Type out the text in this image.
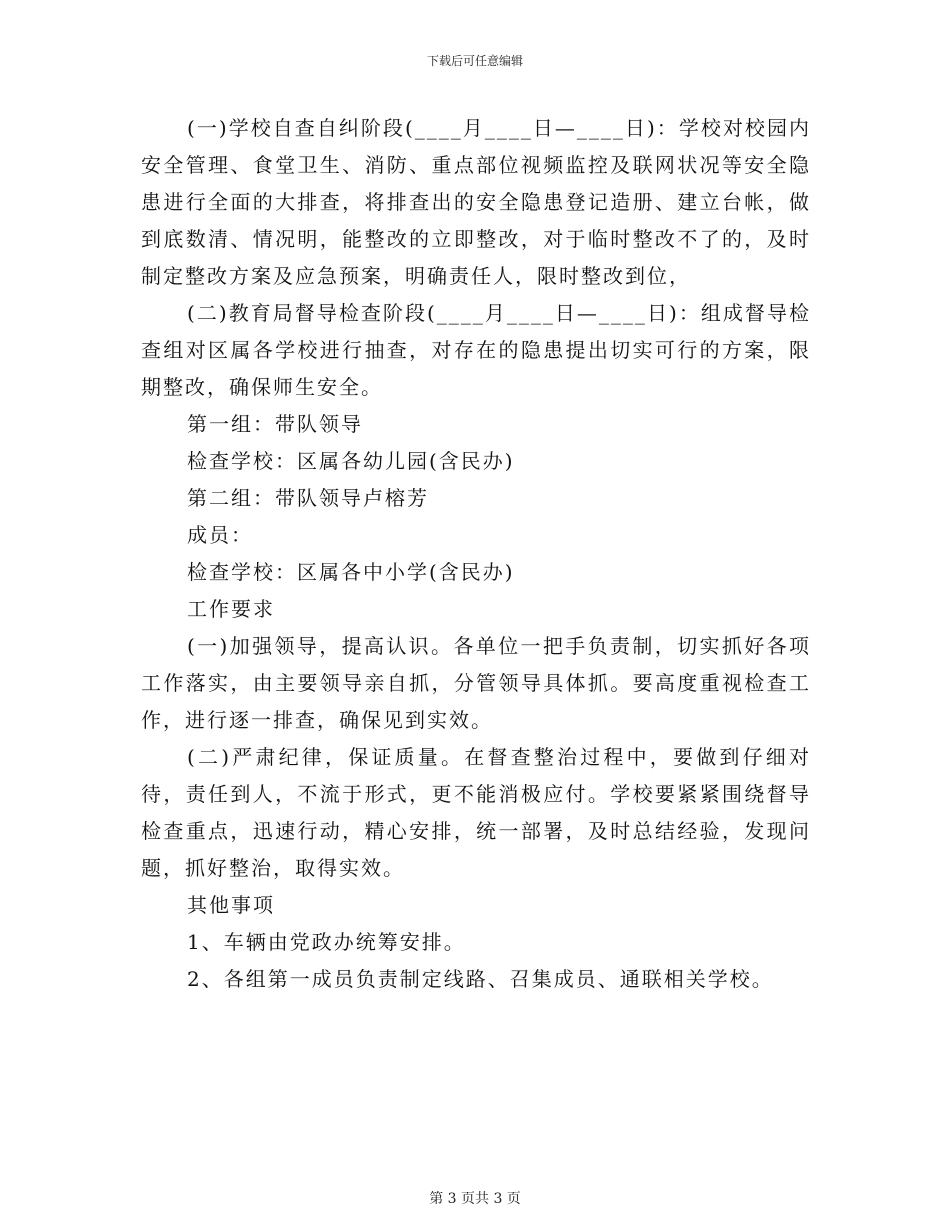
下载后可任意编辑

(一)学校自查自纠阶段(____月____日—____日)：学校对校园内安全管理、食堂卫生、消防、重点部位视频监控及联网状况等安全隐患进行全面的大排查，将排查出的安全隐患登记造册、建立台帐，做到底数清、情况明，能整改的立即整改，对于临时整改不了的，及时制定整改方案及应急预案，明确责任人，限时整改到位，

(二)教育局督导检查阶段(____月____日—____日)：组成督导检查组对区属各学校进行抽查，对存在的隐患提出切实可行的方案，限期整改，确保师生安全。

第一组：带队领导

检查学校：区属各幼儿园(含民办)

第二组：带队领导卢榕芳

成员：

检查学校：区属各中小学(含民办)

工作要求

(一)加强领导，提高认识。各单位一把手负责制，切实抓好各项工作落实，由主要领导亲自抓，分管领导具体抓。要高度重视检查工作，进行逐一排查，确保见到实效。

(二)严肃纪律，保证质量。在督查整治过程中，要做到仔细对待，责任到人，不流于形式，更不能消极应付。学校要紧紧围绕督导检查重点，迅速行动，精心安排，统一部署，及时总结经验，发现问题，抓好整治，取得实效。

其他事项

1、车辆由党政办统筹安排。

2、各组第一成员负责制定线路、召集成员、通联相关学校。

第 3 页共 3 页
